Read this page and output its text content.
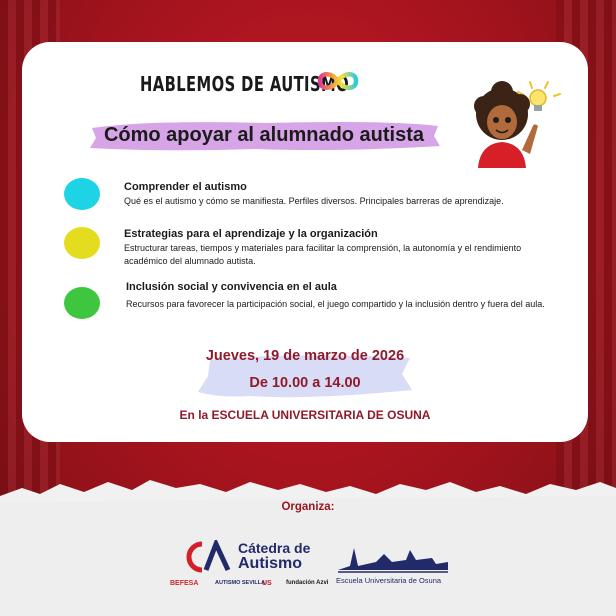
HABLEMOS DE AUTISMO
Cómo apoyar al alumnado autista
Comprender el autismo
Qué es el autismo y cómo se manifiesta. Perfiles diversos. Principales barreras de aprendizaje.
Estrategias para el aprendizaje y la organización
Estructurar tareas, tiempos y materiales para facilitar la comprensión, la autonomía y el rendimiento académico del alumnado autista.
Inclusión social y convivencia en el aula
Recursos para favorecer la participación social, el juego compartido y la inclusión dentro y fuera del aula.
Jueves, 19 de marzo de 2026
De 10.00 a 14.00
En la ESCUELA UNIVERSITARIA DE OSUNA
Organiza:
Cátedra de
Autismo
BEFESA	AUTISMO SEVILLA
US fundación Azvi Escuela Universitaria de Osuna
